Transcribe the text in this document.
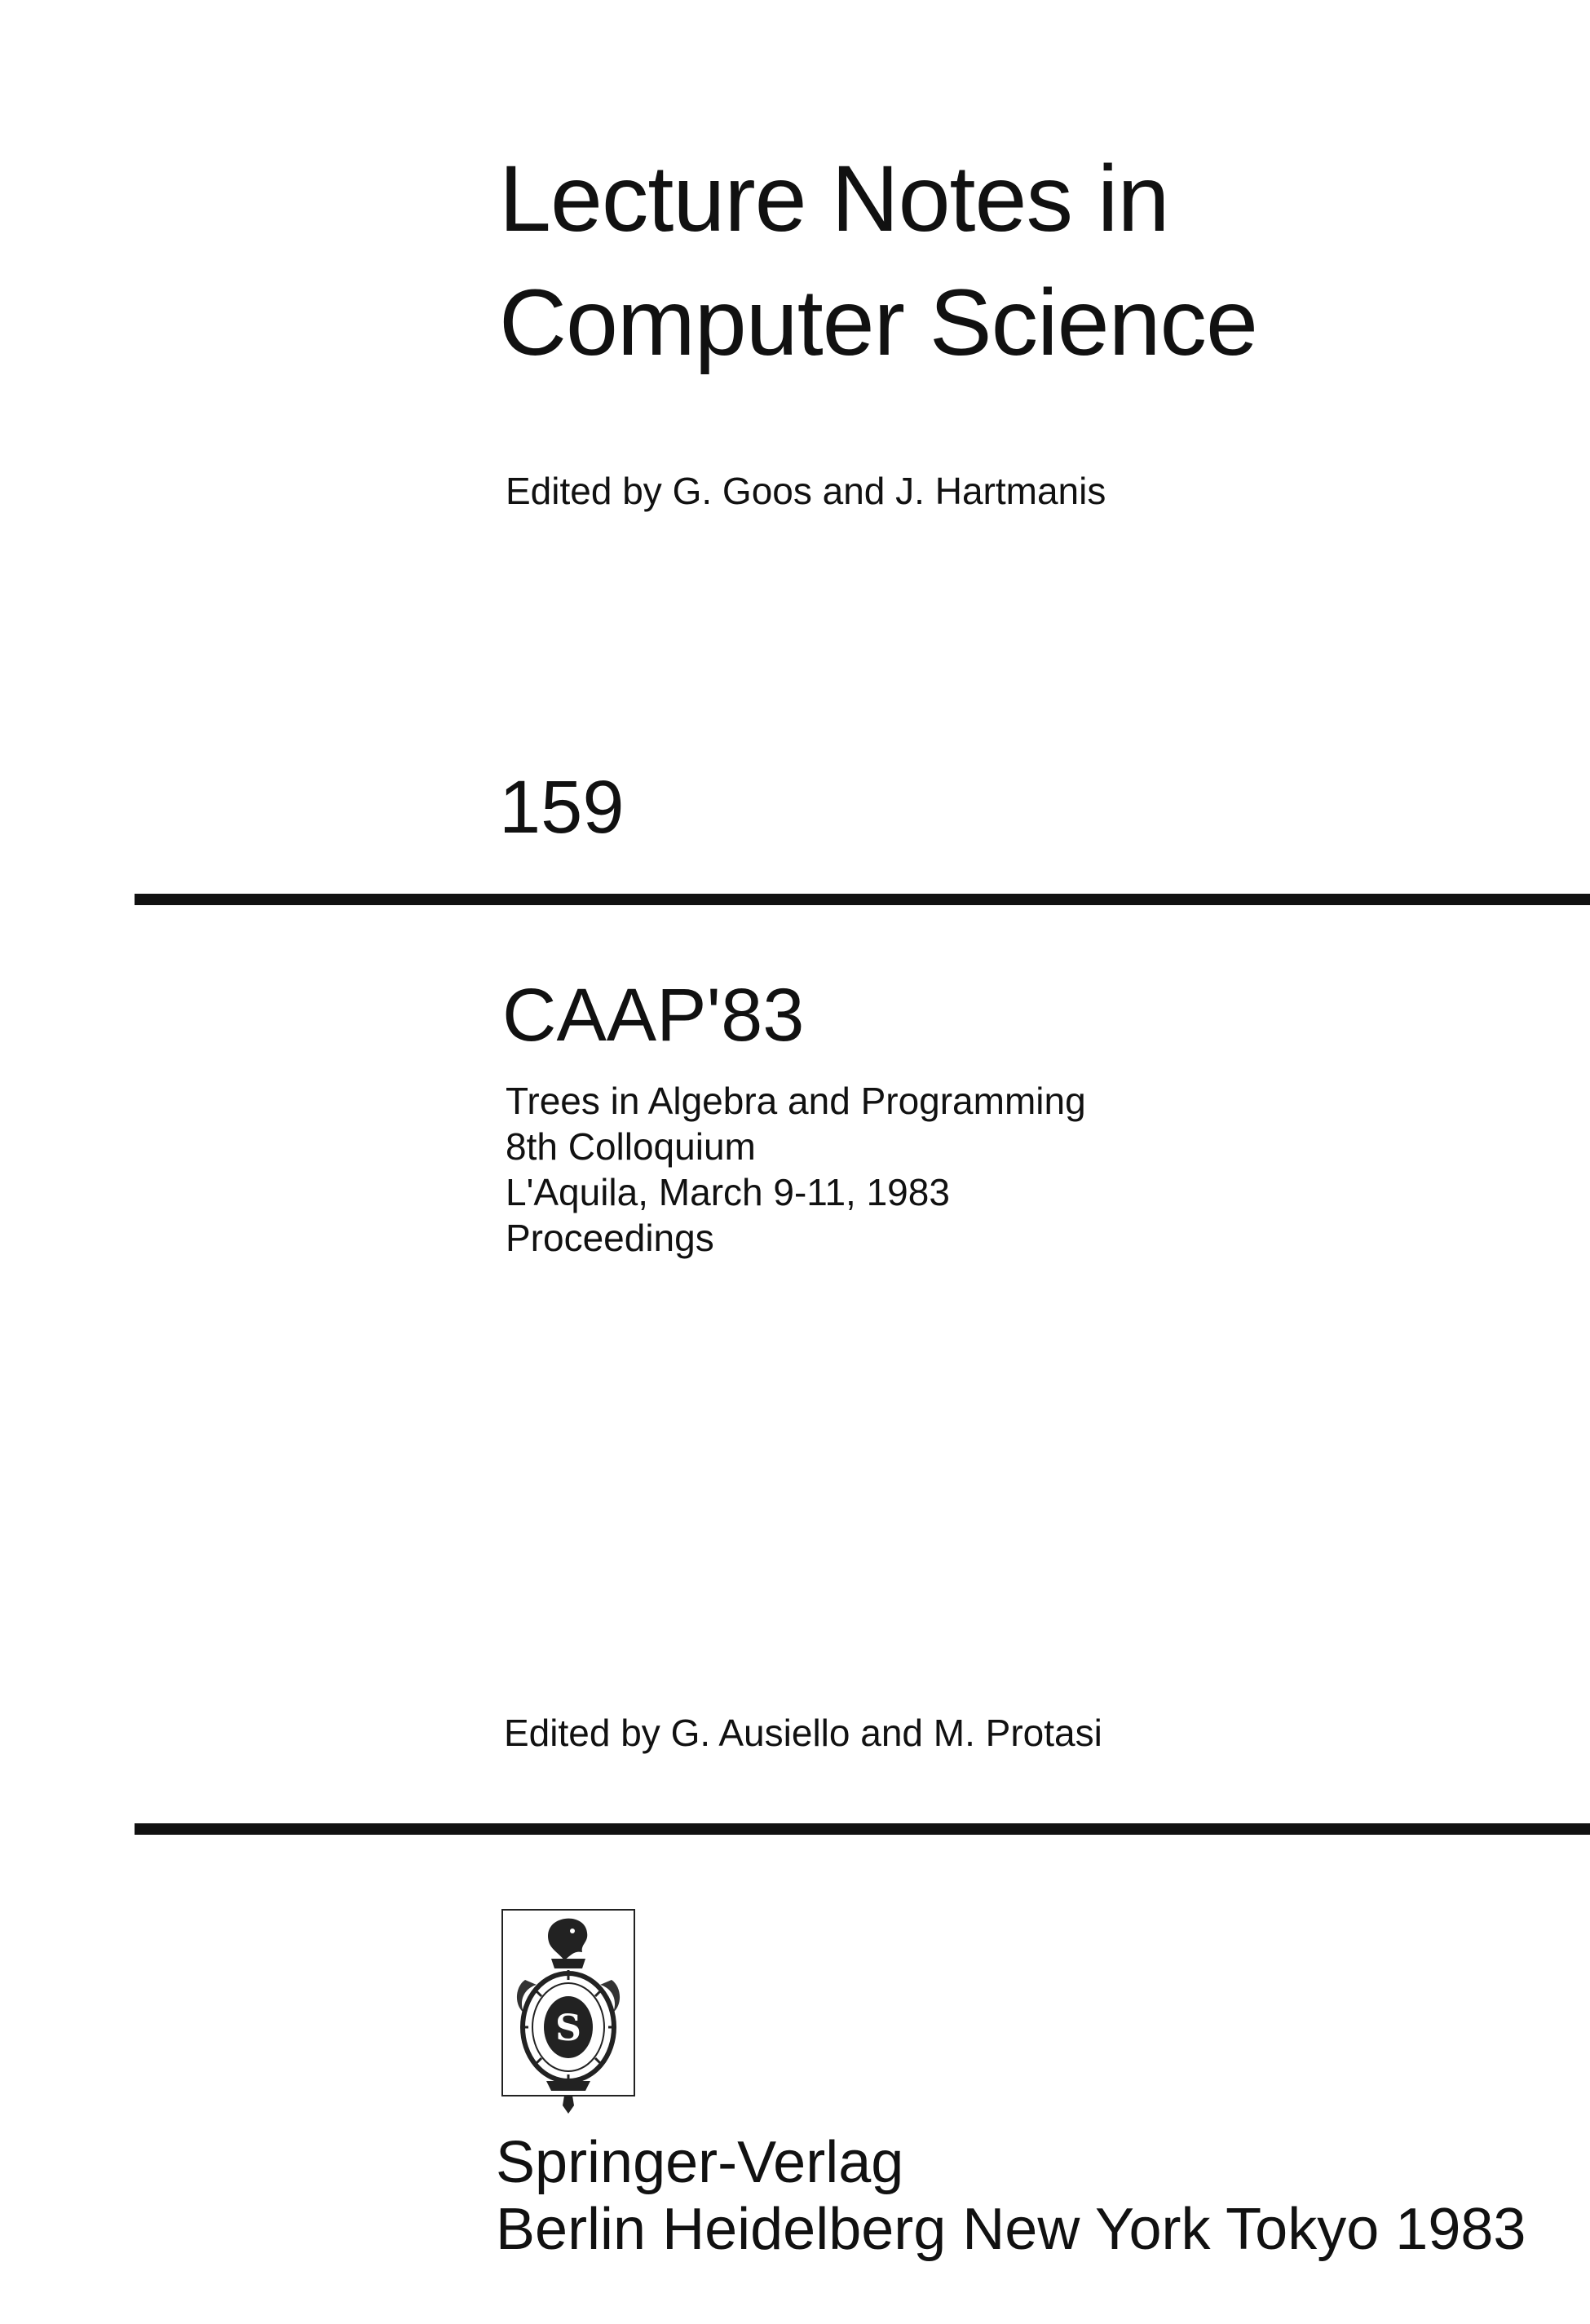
Lecture Notes in
Computer Science
Edited by G. Goos and J. Hartmanis
159
CAAP'83
Trees in Algebra and Programming
8th Colloquium
L'Aquila, March 9-11, 1983
Proceedings
Edited by G. Ausiello and M. Protasi
S
Springer-Verlag
Berlin Heidelberg New York Tokyo 1983
